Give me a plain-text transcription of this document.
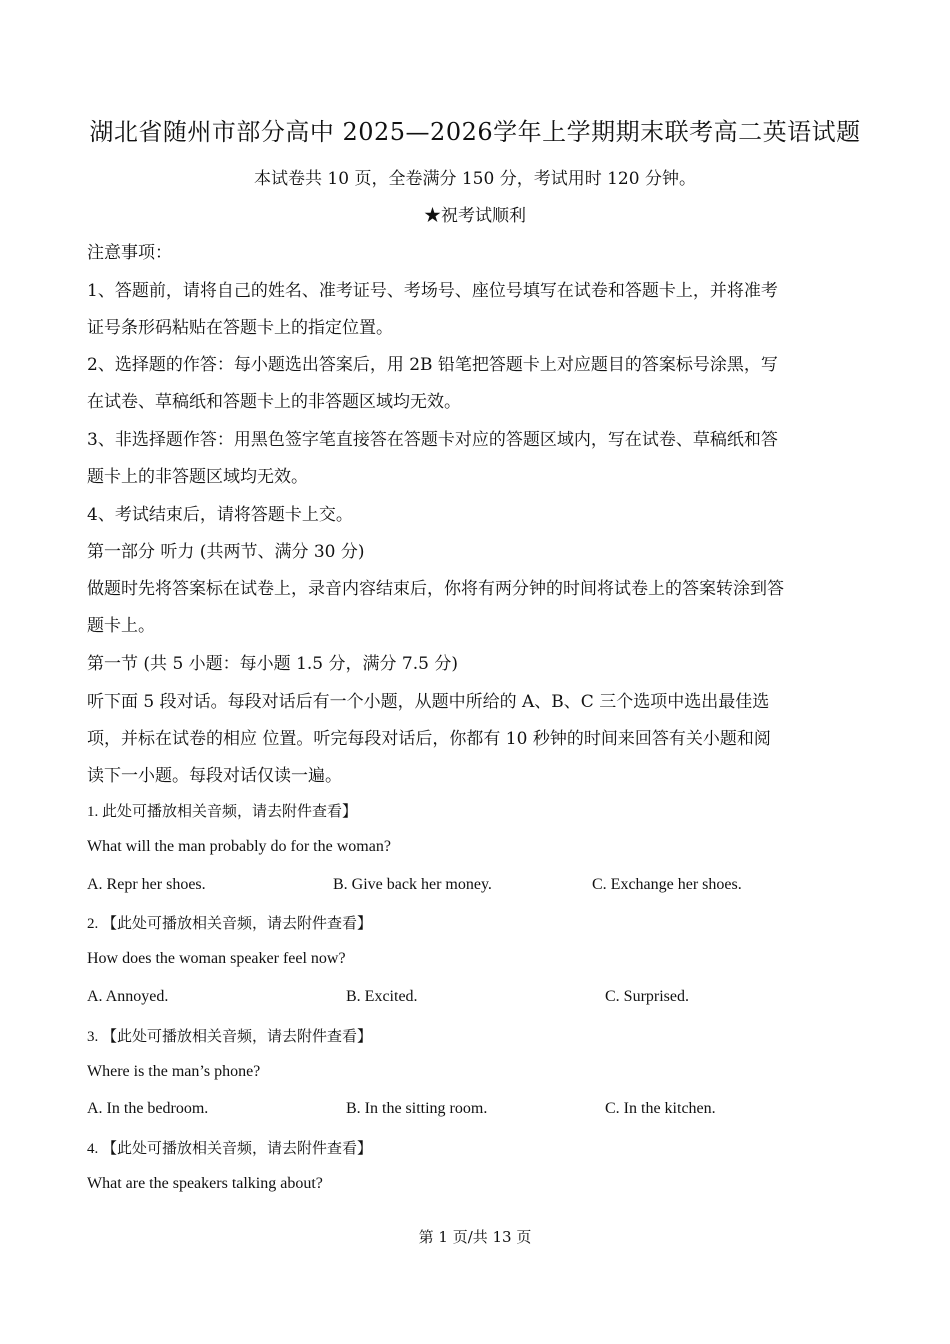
湖北省随州市部分高中 2025—2026学年上学期期末联考高二英语试题
本试卷共 10 页，全卷满分 150 分，考试用时 120 分钟。
★祝考试顺利
注意事项：
1、答题前，请将自己的姓名、准考证号、考场号、座位号填写在试卷和答题卡上，并将准考
证号条形码粘贴在答题卡上的指定位置。
2、选择题的作答：每小题选出答案后，用 2B 铅笔把答题卡上对应题目的答案标号涂黑，写
在试卷、草稿纸和答题卡上的非答题区域均无效。
3、非选择题作答：用黑色签字笔直接答在答题卡对应的答题区域内，写在试卷、草稿纸和答
题卡上的非答题区域均无效。
4、考试结束后，请将答题卡上交。
第一部分 听力 (共两节、满分 30 分)
做题时先将答案标在试卷上，录音内容结束后，你将有两分钟的时间将试卷上的答案转涂到答
题卡上。
第一节 (共 5 小题：每小题 1.5 分，满分 7.5 分)
听下面 5 段对话。每段对话后有一个小题，从题中所给的 A、B、C 三个选项中选出最佳选
项，并标在试卷的相应 位置。听完每段对话后，你都有 10 秒钟的时间来回答有关小题和阅
读下一小题。每段对话仅读一遍。
1. 此处可播放相关音频，请去附件查看】
What will the man probably do for the woman?
A. Repr her shoes.	B. Give back her money.	C. Exchange her shoes.
2. 【此处可播放相关音频，请去附件查看】
How does the woman speaker feel now?
A. Annoyed.	B. Excited.	C. Surprised.
3. 【此处可播放相关音频，请去附件查看】
Where is the man’s phone?
A. In the bedroom.	B. In the sitting room.	C. In the kitchen.
4. 【此处可播放相关音频，请去附件查看】
What are the speakers talking about?
第 1 页/共 13 页
